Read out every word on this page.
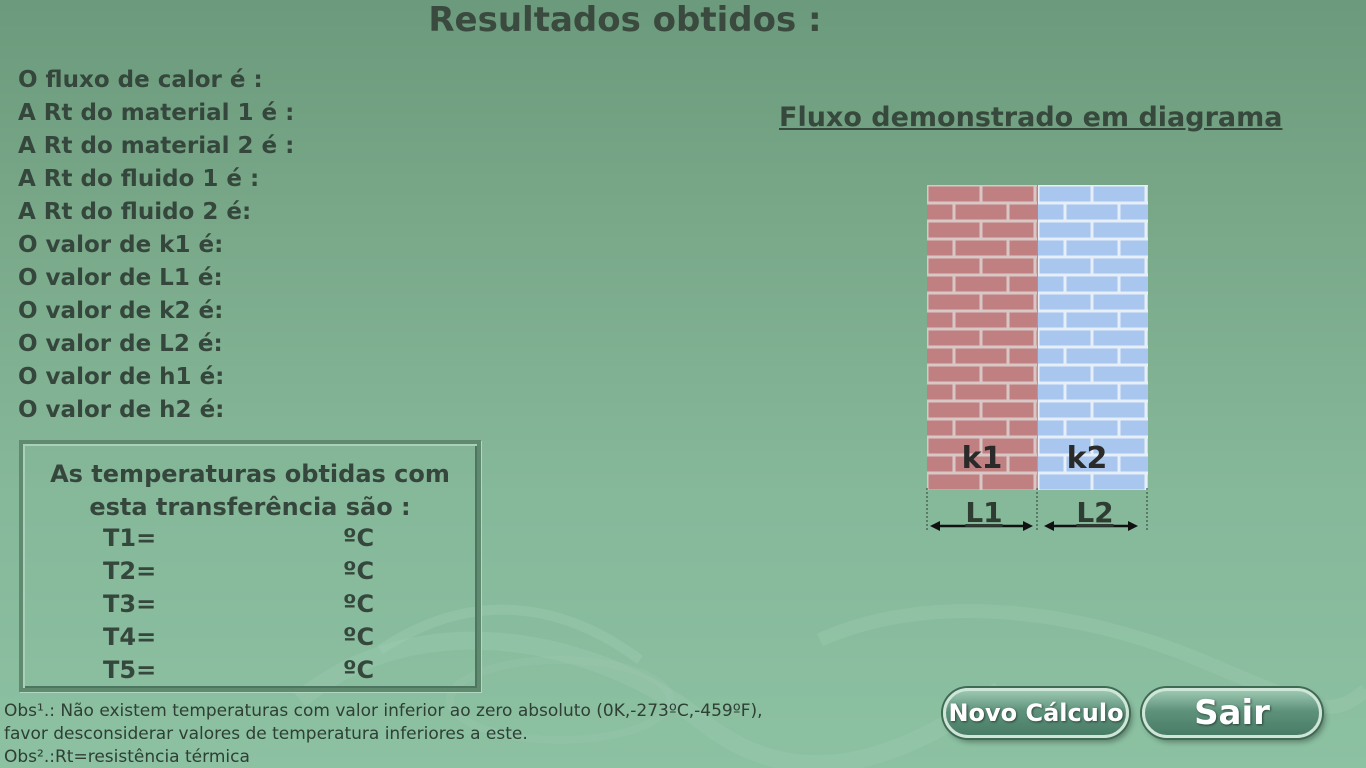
Resultados obtidos :
O fluxo de calor é :
A Rt do material 1 é :
A Rt do material 2 é :
A Rt do fluido 1 é :
A Rt do fluido 2 é:
O valor de k1 é:
O valor de L1 é:
O valor de k2 é:
O valor de L2 é:
O valor de h1 é:
O valor de h2 é:
As temperaturas obtidas com
esta transferência são :
T1=	ºC
T2=	ºC
T3=	ºC
T4=	ºC
T5=	ºC
Fluxo demonstrado em diagrama
k1 k2
L1	L2
Novo Cálculo	Sair
Obs¹.: Não existem temperaturas com valor inferior ao zero absoluto (0K,-273ºC,-459ºF),
favor desconsiderar valores de temperatura inferiores a este.
Obs².:Rt=resistência térmica
